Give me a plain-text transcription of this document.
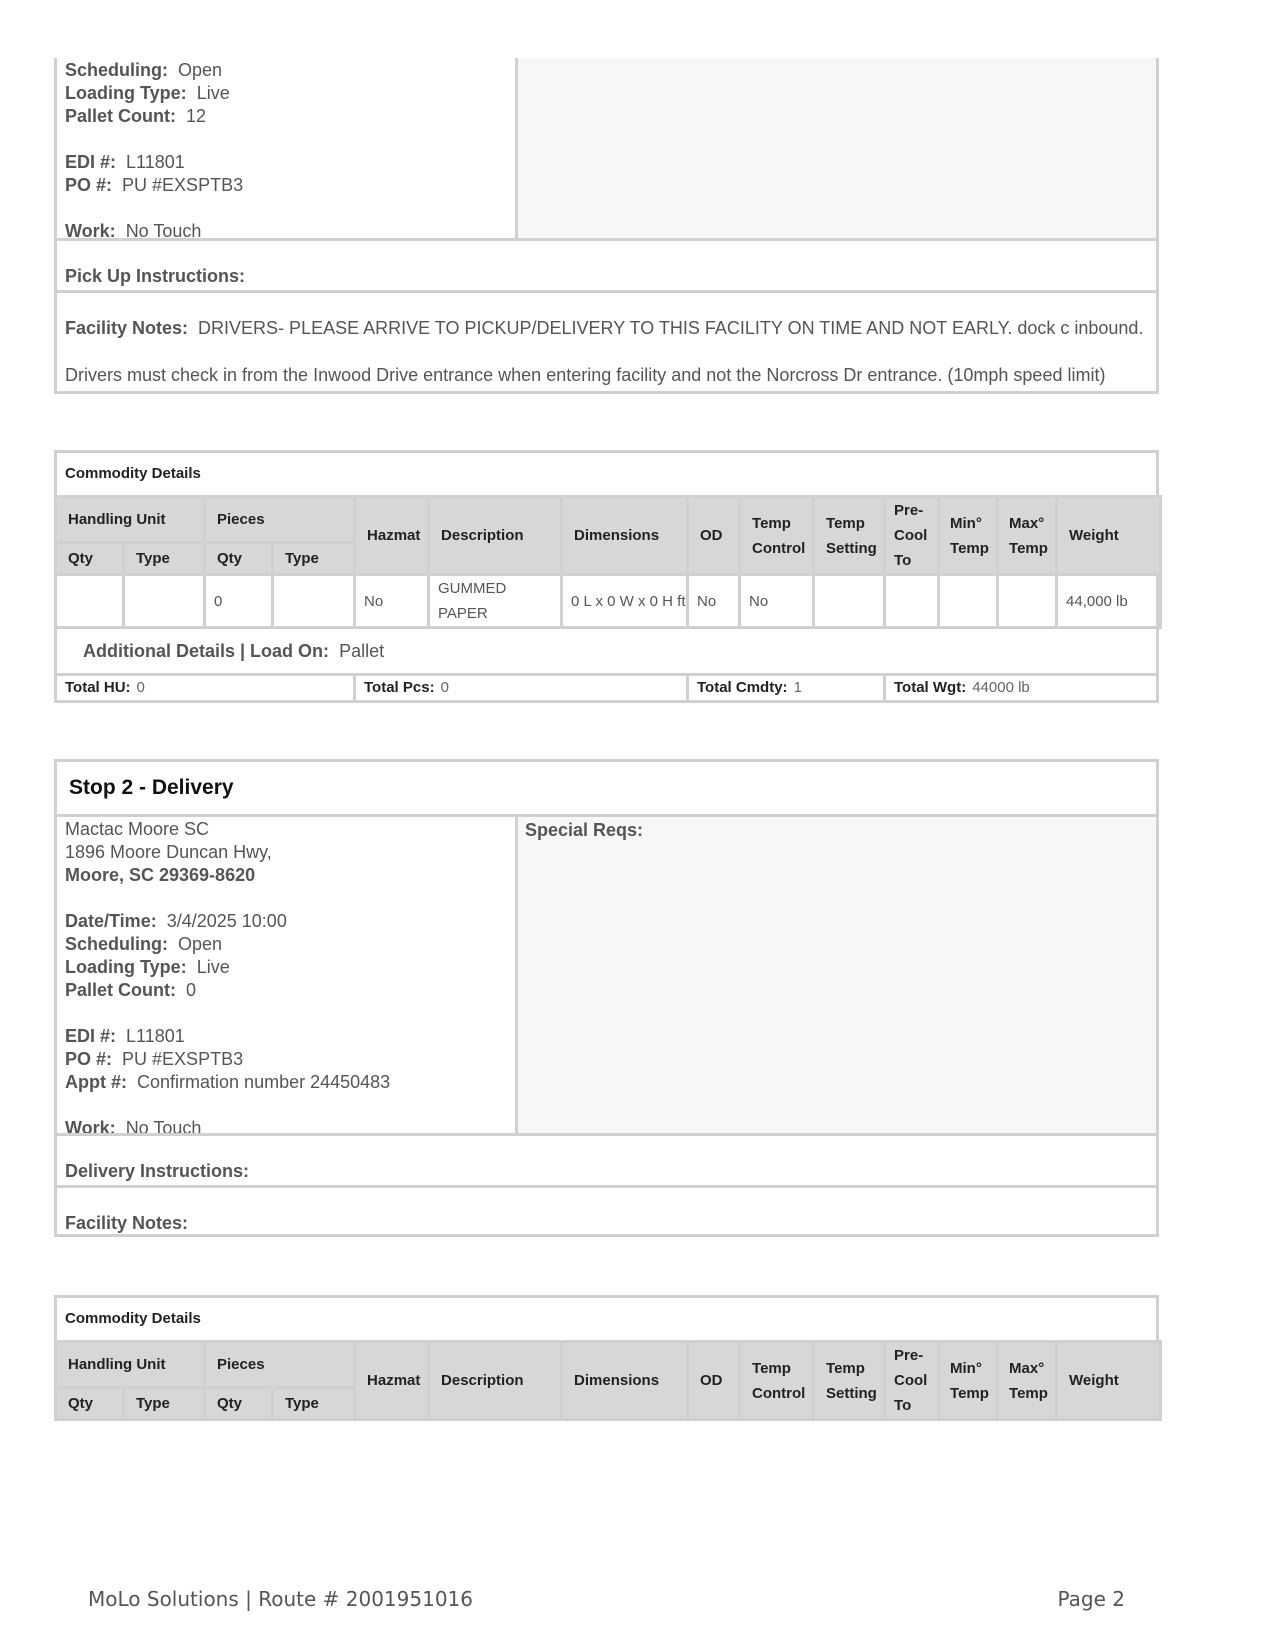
Scheduling: Open
Loading Type: Live
Pallet Count: 12
EDI #: L11801
PO #: PU #EXSPTB3
Work: No Touch
Pick Up Instructions:
Facility Notes: DRIVERS- PLEASE ARRIVE TO PICKUP/DELIVERY TO THIS FACILITY ON TIME AND NOT EARLY. dock c inbound.
Drivers must check in from the Inwood Drive entrance when entering facility and not the Norcross Dr entrance. (10mph speed limit)
Commodity Details
Handling Unit		Pieces		Hazmat	Description	Dimensions	OD	Temp Control	Temp Setting	Pre-Cool To	Min° Temp	Max° Temp	Weight
Qty	Type	Qty	Type										
		0		No	GUMMED PAPER	0 L x 0 W x 0 H ft	No	No					44,000 lb
Additional Details | Load On: Pallet
Total HU: 0	Total Pcs: 0	Total Cmdty: 1	Total Wgt: 44000 lb
Stop 2 - Delivery
Special Reqs:
Mactac Moore SC
1896 Moore Duncan Hwy,
Moore, SC 29369-8620
Date/Time: 3/4/2025 10:00
Scheduling: Open
Loading Type: Live
Pallet Count: 0
EDI #: L11801
PO #: PU #EXSPTB3
Appt #: Confirmation number 24450483
Work: No Touch
Delivery Instructions:
Facility Notes:
Commodity Details
Handling Unit		Pieces		Hazmat	Description	Dimensions	OD	Temp Control	Temp Setting	Pre-Cool To	Min° Temp	Max° Temp	Weight
Qty	Type	Qty	Type										
MoLo Solutions | Route # 2001951016	Page 2
